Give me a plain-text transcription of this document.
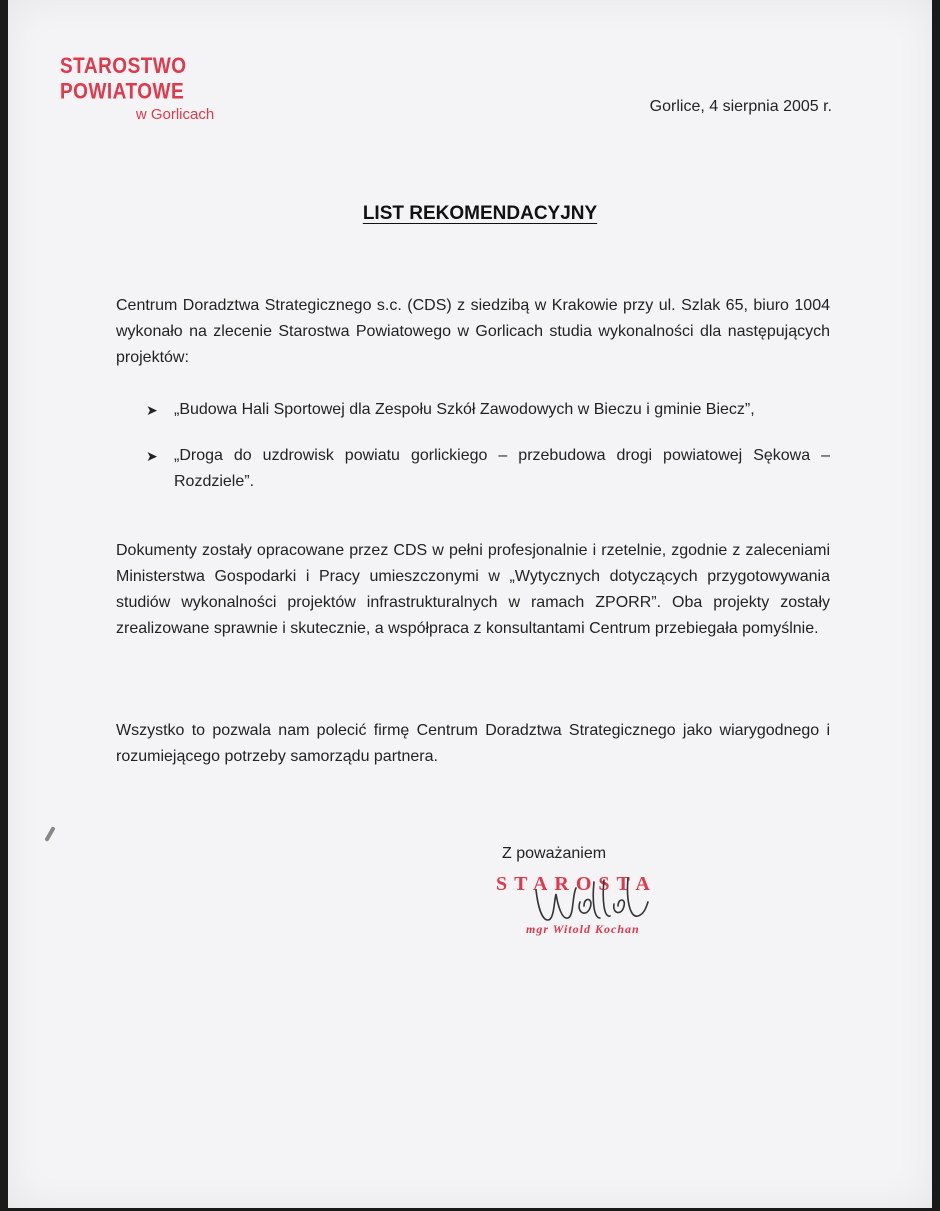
STAROSTWO POWIATOWE
w Gorlicach	Gorlice, 4 sierpnia 2005 r.
LIST REKOMENDACYJNY

Centrum Doradztwa Strategicznego s.c. (CDS) z siedzibą w Krakowie przy ul. Szlak 65, biuro 1004 wykonało na zlecenie Starostwa Powiatowego w Gorlicach studia wykonalności dla następujących projektów:

➤ „Budowa Hali Sportowej dla Zespołu Szkół Zawodowych w Bieczu i gminie Biecz”,
➤ „Droga do uzdrowisk powiatu gorlickiego – przebudowa drogi powiatowej Sękowa – Rozdziele”.

Dokumenty zostały opracowane przez CDS w pełni profesjonalnie i rzetelnie, zgodnie z zaleceniami Ministerstwa Gospodarki i Pracy umieszczonymi w „Wytycznych dotyczących przygotowywania studiów wykonalności projektów infrastrukturalnych w ramach ZPORR”. Oba projekty zostały zrealizowane sprawnie i skutecznie, a współpraca z konsultantami Centrum przebiegała pomyślnie.

Wszystko to pozwala nam polecić firmę Centrum Doradztwa Strategicznego jako wiarygodnego i rozumiejącego potrzeby samorządu partnera.

Z poważaniem
STAROSTA
mgr Witold Kochan
